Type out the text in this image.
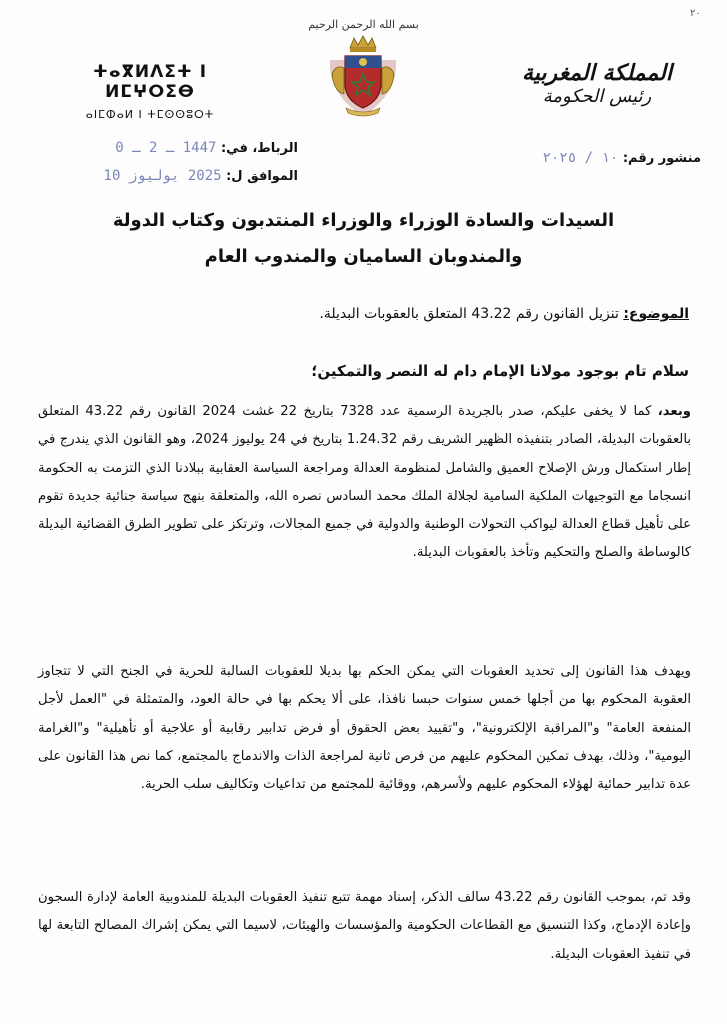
٢٠
بسم الله الرحمن الرحيم
المملكة المغربية
رئيس الحكومة
ⵜⴰⴳⵍⴷⵉⵜ ⵏ ⵍⵎⵖⵔⵉⴱ
ⴰⵏⵎⵀⴰⵍ ⵏ ⵜⵎⵙⵙⵓⵔⵜ
منشور رقم: ١٠ / ٢٠٢٥
الرباط، في: 1447 ـ 2 ـ 0
الموافق ل: 2025 يوليوز 10
السيدات والسادة الوزراء والوزراء المنتدبون وكتاب الدولة
والمندوبان الساميان والمندوب العام
الموضوع: تنزيل القانون رقم 43.22 المتعلق بالعقوبات البديلة.
سلام تام بوجود مولانا الإمام دام له النصر والتمكين؛
وبعد، كما لا يخفى عليكم، صدر بالجريدة الرسمية عدد 7328 بتاريخ 22 غشت 2024 القانون رقم 43.22 المتعلق بالعقوبات البديلة، الصادر بتنفيذه الظهير الشريف رقم 1.24.32 بتاريخ في 24 يوليوز 2024، وهو القانون الذي يندرج في إطار استكمال ورش الإصلاح العميق والشامل لمنظومة العدالة ومراجعة السياسة العقابية ببلادنا الذي التزمت به الحكومة انسجاما مع التوجيهات الملكية السامية لجلالة الملك محمد السادس نصره الله، والمتعلقة بنهج سياسة جنائية جديدة تقوم على تأهيل قطاع العدالة ليواكب التحولات الوطنية والدولية في جميع المجالات، وترتكز على تطوير الطرق القضائية البديلة كالوساطة والصلح والتحكيم وتأخذ بالعقوبات البديلة.
ويهدف هذا القانون إلى تحديد العقوبات التي يمكن الحكم بها بديلا للعقوبات السالبة للحرية في الجنح التي لا تتجاوز العقوبة المحكوم بها من أجلها خمس سنوات حبسا نافذا، على ألا يحكم بها في حالة العود، والمتمثلة في "العمل لأجل المنفعة العامة" و"المراقبة الإلكترونية"، و"تقييد بعض الحقوق أو فرض تدابير رقابية أو علاجية أو تأهيلية" و"الغرامة اليومية"، وذلك، بهدف تمكين المحكوم عليهم من فرص ثانية لمراجعة الذات والاندماج بالمجتمع، كما نص هذا القانون على عدة تدابير حمائية لهؤلاء المحكوم عليهم ولأسرهم، ووقائية للمجتمع من تداعيات وتكاليف سلب الحرية.
وقد تم، بموجب القانون رقم 43.22 سالف الذكر، إسناد مهمة تتبع تنفيذ العقوبات البديلة للمندوبية العامة لإدارة السجون وإعادة الإدماج، وكذا التنسيق مع القطاعات الحكومية والمؤسسات والهيئات، لاسيما التي يمكن إشراك المصالح التابعة لها في تنفيذ العقوبات البديلة.
